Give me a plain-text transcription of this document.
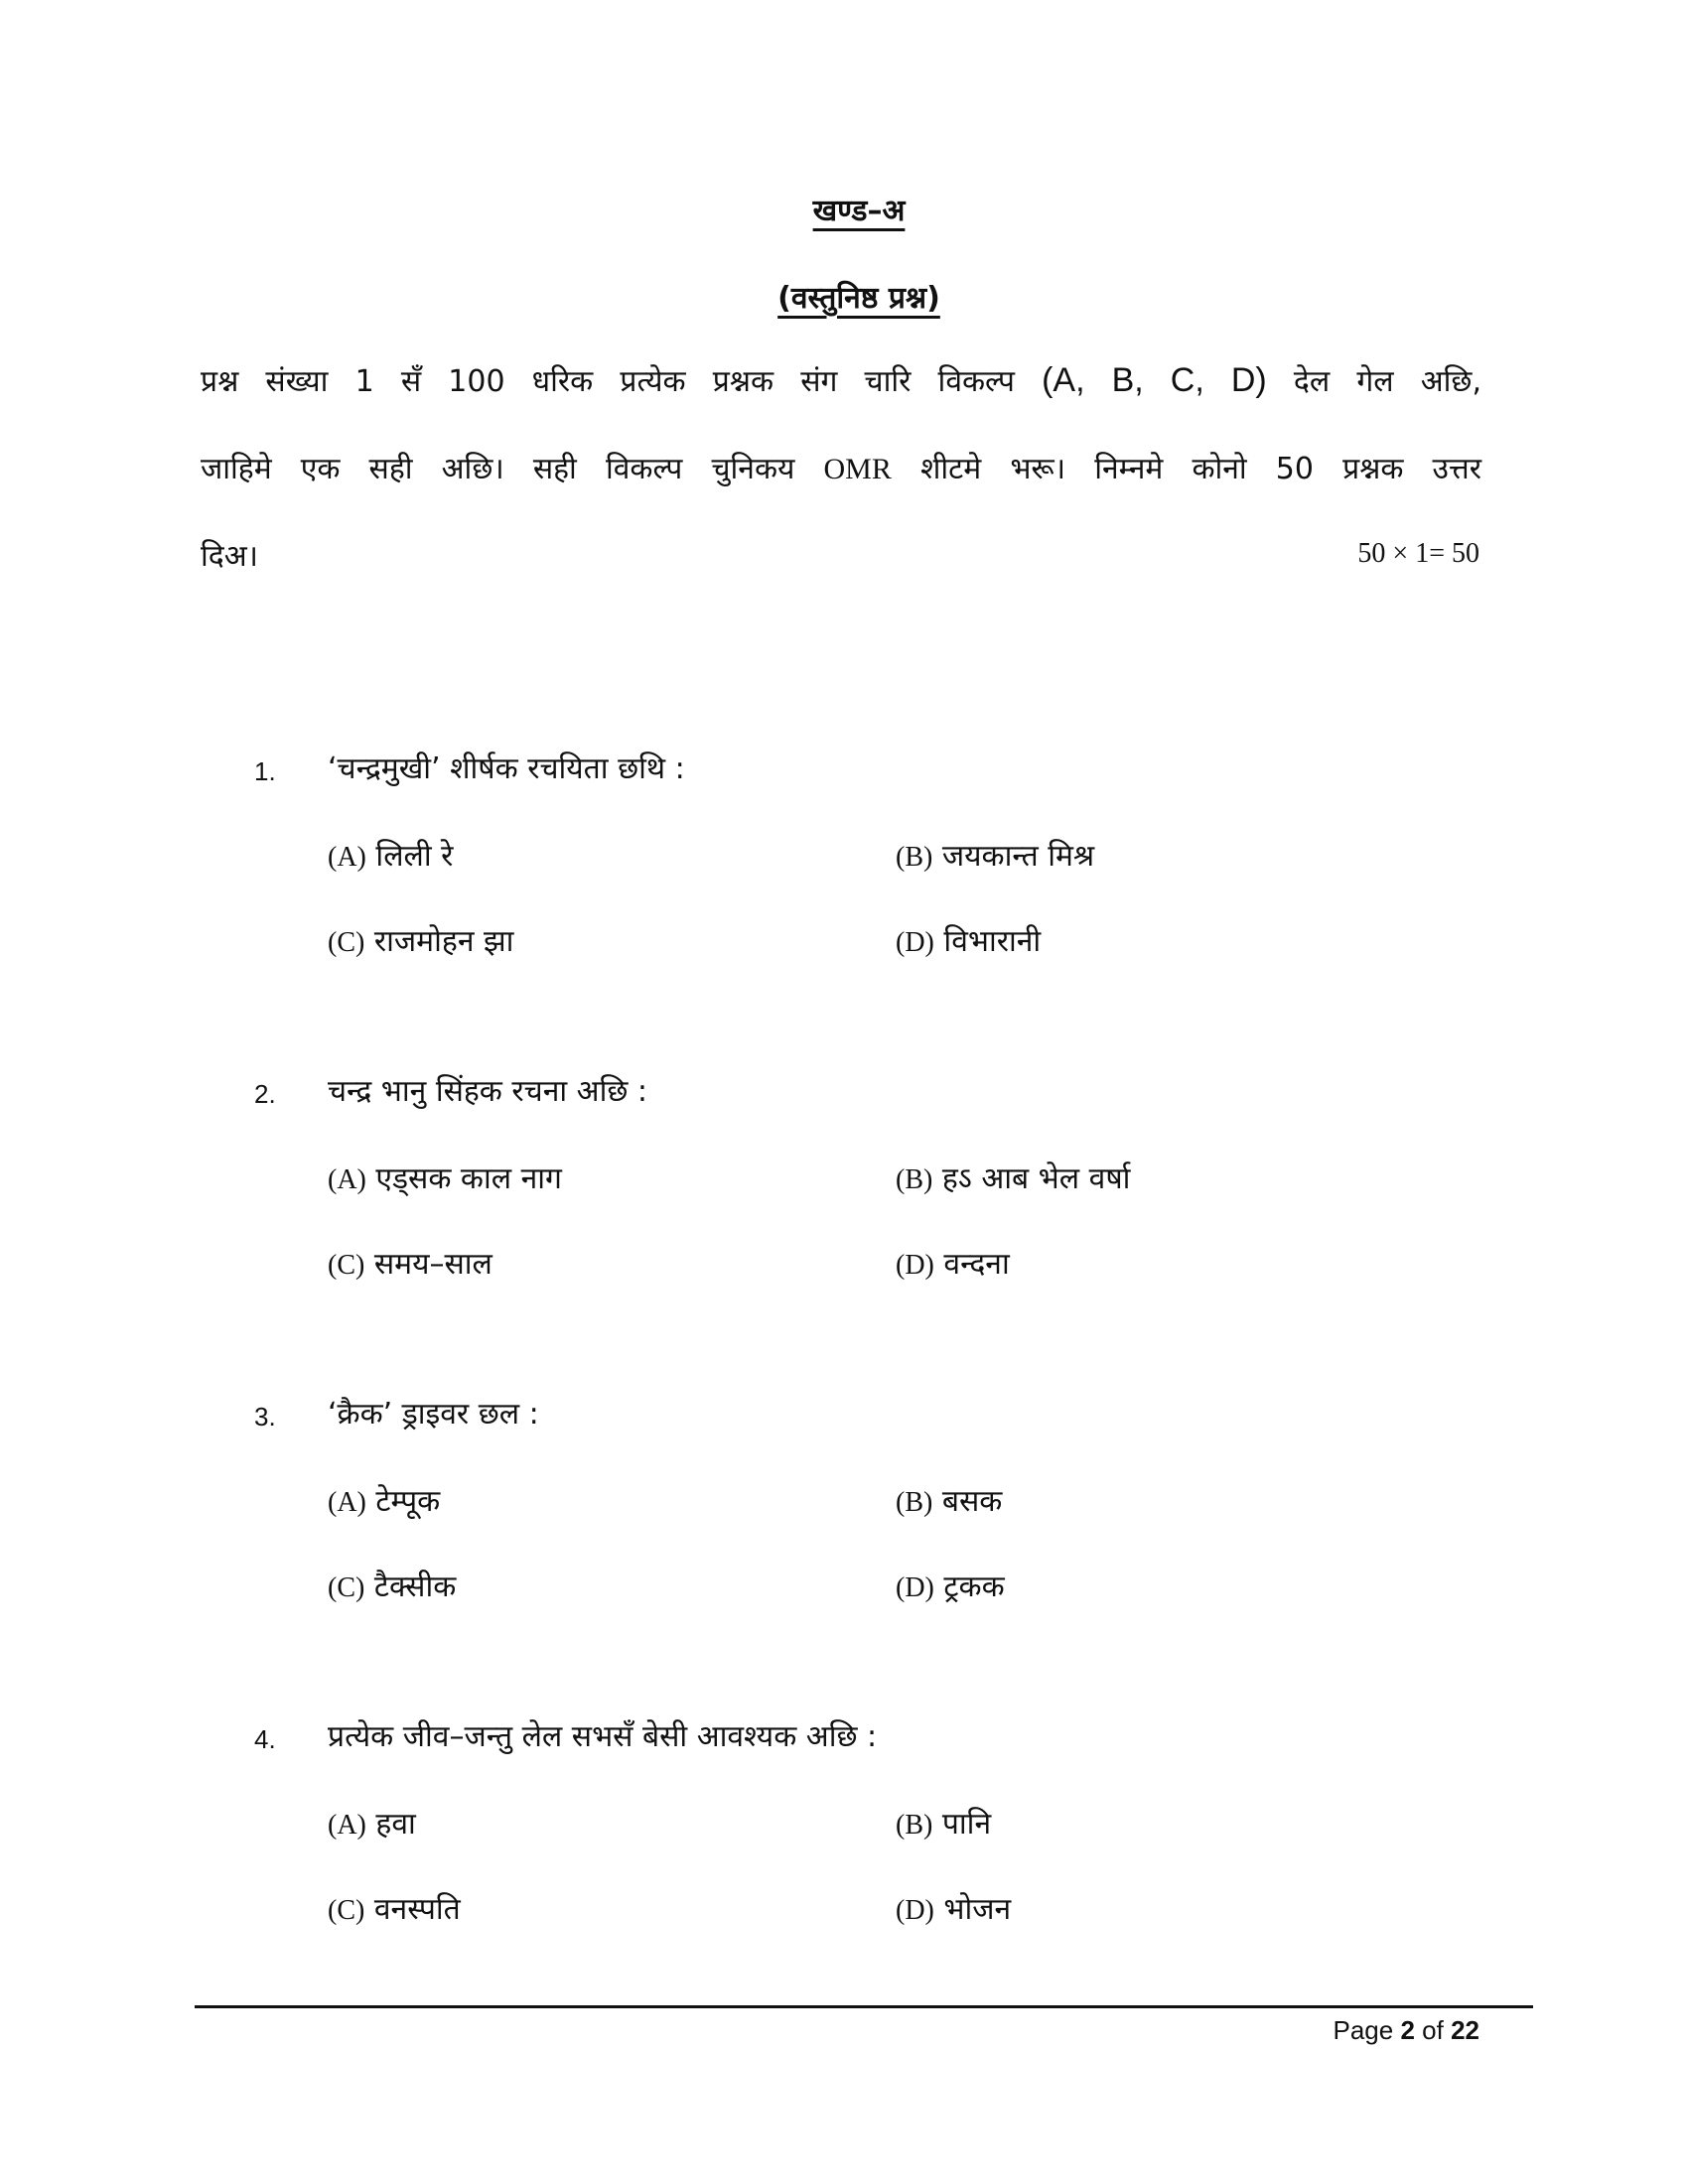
खण्ड–अ
(वस्तुनिष्ठ प्रश्न)
प्रश्न संख्या 1 सँ 100 धरिक प्रत्येक प्रश्नक संग चारि विकल्प (A, B, C, D) देल गेल अछि,
जाहिमे एक सही अछि। सही विकल्प चुनिकय OMR शीटमे भरू। निम्नमे कोनो 50 प्रश्नक उत्तर
दिअ।	50 × 1= 50
1. ‘चन्द्रमुखी’ शीर्षक रचयिता छथि :
(A) लिली रे	(B) जयकान्त मिश्र
(C) राजमोहन झा	(D) विभारानी
2. चन्द्र भानु सिंहक रचना अछि :
(A) एड्सक काल नाग	(B) हऽ आब भेल वर्षा
(C) समय–साल	(D) वन्दना
3. ‘क्रैक’ ड्राइवर छल :
(A) टेम्पूक	(B) बसक
(C) टैक्सीक	(D) ट्रकक
4. प्रत्येक जीव–जन्तु लेल सभसँ बेसी आवश्यक अछि :
(A) हवा	(B) पानि
(C) वनस्पति	(D) भोजन
Page 2 of 22
